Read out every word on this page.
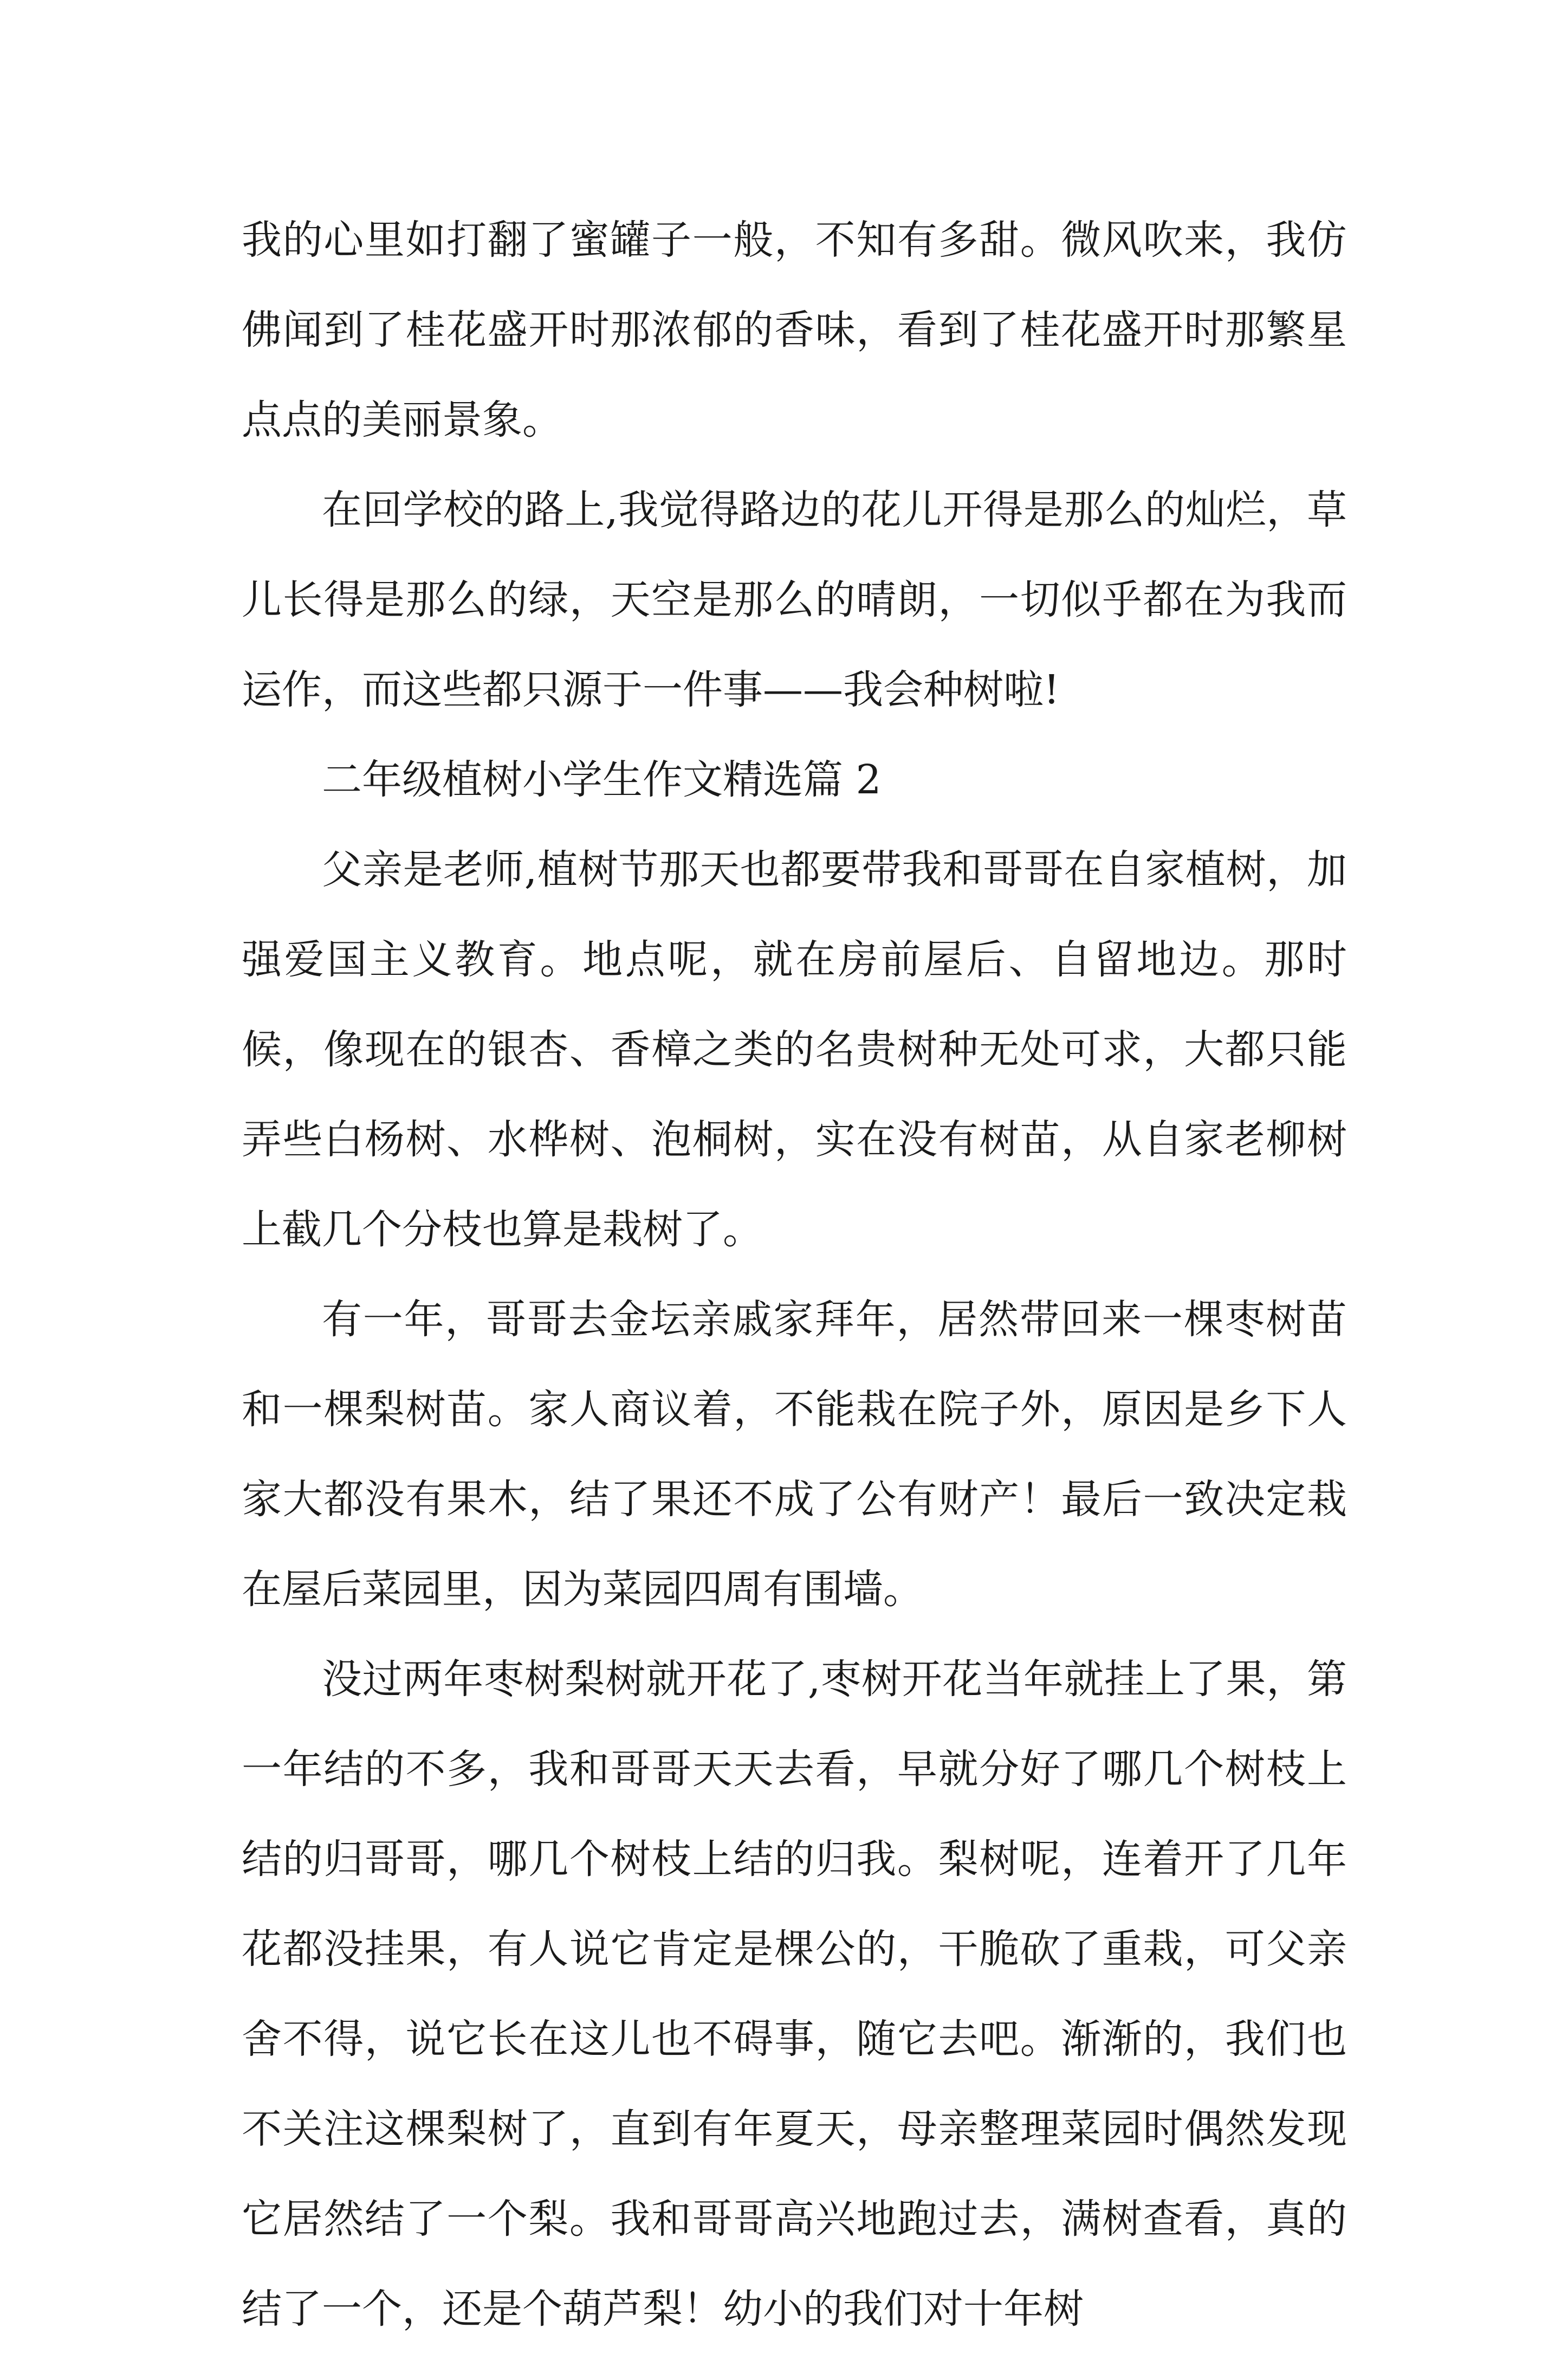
我的心里如打翻了蜜罐子一般，不知有多甜。微风吹来，我仿佛闻到了桂花盛开时那浓郁的香味，看到了桂花盛开时那繁星点点的美丽景象。

在回学校的路上,我觉得路边的花儿开得是那么的灿烂，草儿长得是那么的绿，天空是那么的晴朗，一切似乎都在为我而运作，而这些都只源于一件事——我会种树啦!

二年级植树小学生作文精选篇 2

父亲是老师,植树节那天也都要带我和哥哥在自家植树，加强爱国主义教育。地点呢，就在房前屋后、自留地边。那时候，像现在的银杏、香樟之类的名贵树种无处可求，大都只能弄些白杨树、水桦树、泡桐树，实在没有树苗，从自家老柳树上截几个分枝也算是栽树了。

有一年，哥哥去金坛亲戚家拜年，居然带回来一棵枣树苗和一棵梨树苗。家人商议着，不能栽在院子外，原因是乡下人家大都没有果木，结了果还不成了公有财产！最后一致决定栽在屋后菜园里，因为菜园四周有围墙。

没过两年枣树梨树就开花了,枣树开花当年就挂上了果，第一年结的不多，我和哥哥天天去看，早就分好了哪几个树枝上结的归哥哥，哪几个树枝上结的归我。梨树呢，连着开了几年花都没挂果，有人说它肯定是棵公的，干脆砍了重栽，可父亲舍不得，说它长在这儿也不碍事，随它去吧。渐渐的，我们也不关注这棵梨树了，直到有年夏天，母亲整理菜园时偶然发现它居然结了一个梨。我和哥哥高兴地跑过去，满树查看，真的结了一个，还是个葫芦梨！幼小的我们对十年树
